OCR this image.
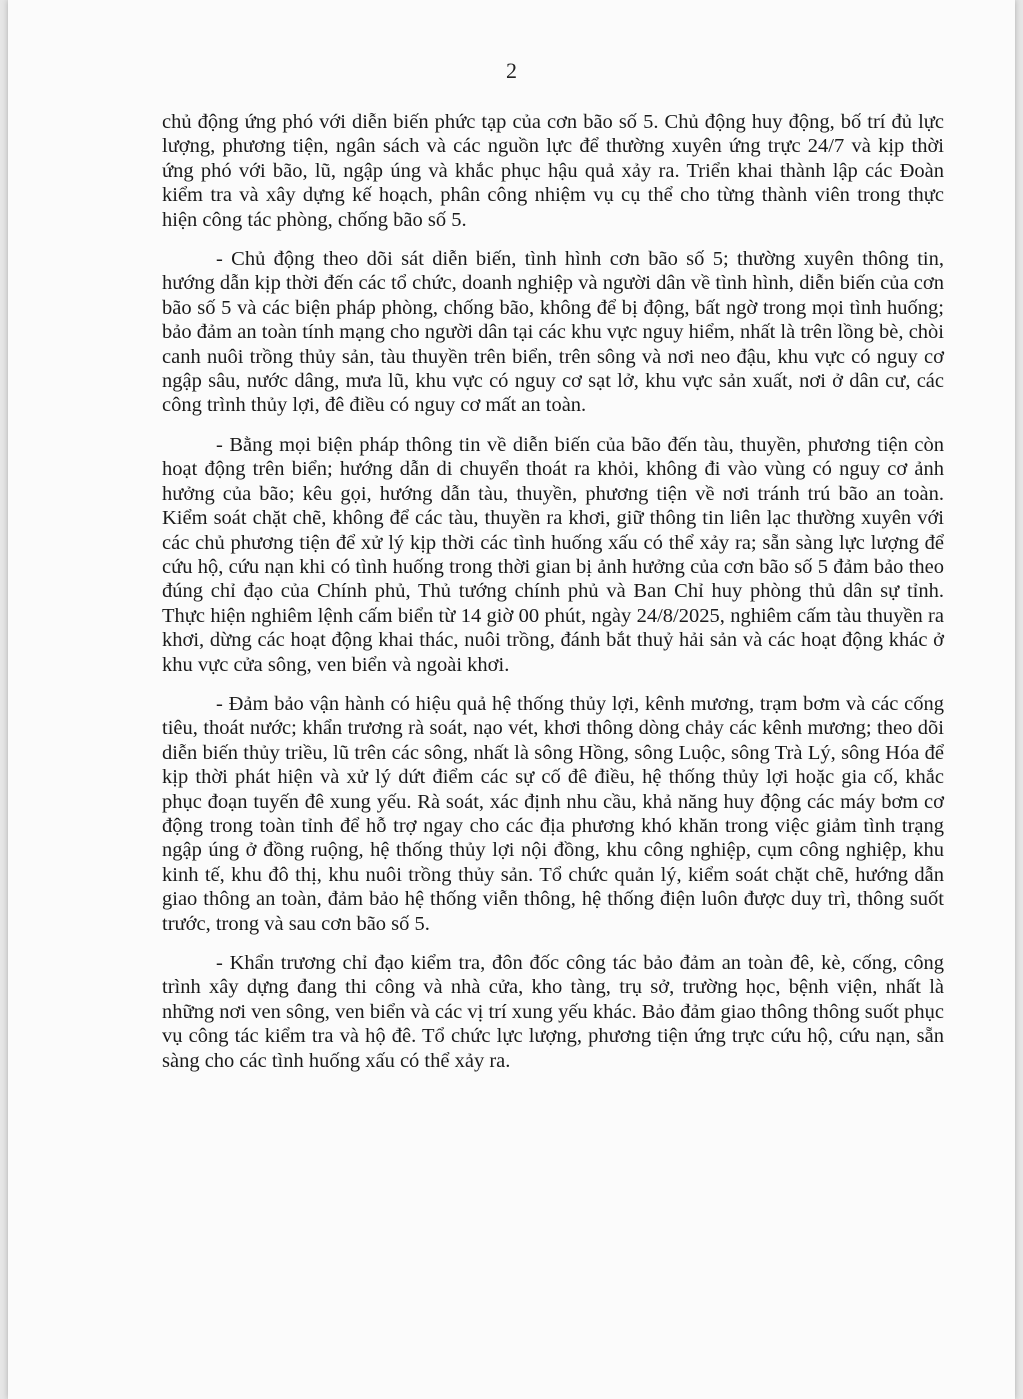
2

chủ động ứng phó với diễn biến phức tạp của cơn bão số 5. Chủ động huy động, bố trí đủ lực lượng, phương tiện, ngân sách và các nguồn lực để thường xuyên ứng trực 24/7 và kịp thời ứng phó với bão, lũ, ngập úng và khắc phục hậu quả xảy ra. Triển khai thành lập các Đoàn kiểm tra và xây dựng kế hoạch, phân công nhiệm vụ cụ thể cho từng thành viên trong thực hiện công tác phòng, chống bão số 5.

- Chủ động theo dõi sát diễn biến, tình hình cơn bão số 5; thường xuyên thông tin, hướng dẫn kịp thời đến các tổ chức, doanh nghiệp và người dân về tình hình, diễn biến của cơn bão số 5 và các biện pháp phòng, chống bão, không để bị động, bất ngờ trong mọi tình huống; bảo đảm an toàn tính mạng cho người dân tại các khu vực nguy hiểm, nhất là trên lồng bè, chòi canh nuôi trồng thủy sản, tàu thuyền trên biển, trên sông và nơi neo đậu, khu vực có nguy cơ ngập sâu, nước dâng, mưa lũ, khu vực có nguy cơ sạt lở, khu vực sản xuất, nơi ở dân cư, các công trình thủy lợi, đê điều có nguy cơ mất an toàn.

- Bằng mọi biện pháp thông tin về diễn biến của bão đến tàu, thuyền, phương tiện còn hoạt động trên biển; hướng dẫn di chuyển thoát ra khỏi, không đi vào vùng có nguy cơ ảnh hưởng của bão; kêu gọi, hướng dẫn tàu, thuyền, phương tiện về nơi tránh trú bão an toàn. Kiểm soát chặt chẽ, không để các tàu, thuyền ra khơi, giữ thông tin liên lạc thường xuyên với các chủ phương tiện để xử lý kịp thời các tình huống xấu có thể xảy ra; sẵn sàng lực lượng để cứu hộ, cứu nạn khi có tình huống trong thời gian bị ảnh hưởng của cơn bão số 5 đảm bảo theo đúng chỉ đạo của Chính phủ, Thủ tướng chính phủ và Ban Chỉ huy phòng thủ dân sự tỉnh. Thực hiện nghiêm lệnh cấm biển từ 14 giờ 00 phút, ngày 24/8/2025, nghiêm cấm tàu thuyền ra khơi, dừng các hoạt động khai thác, nuôi trồng, đánh bắt thuỷ hải sản và các hoạt động khác ở khu vực cửa sông, ven biển và ngoài khơi.

- Đảm bảo vận hành có hiệu quả hệ thống thủy lợi, kênh mương, trạm bơm và các cống tiêu, thoát nước; khẩn trương rà soát, nạo vét, khơi thông dòng chảy các kênh mương; theo dõi diễn biến thủy triều, lũ trên các sông, nhất là sông Hồng, sông Luộc, sông Trà Lý, sông Hóa để kịp thời phát hiện và xử lý dứt điểm các sự cố đê điều, hệ thống thủy lợi hoặc gia cố, khắc phục đoạn tuyến đê xung yếu. Rà soát, xác định nhu cầu, khả năng huy động các máy bơm cơ động trong toàn tỉnh để hỗ trợ ngay cho các địa phương khó khăn trong việc giảm tình trạng ngập úng ở đồng ruộng, hệ thống thủy lợi nội đồng, khu công nghiệp, cụm công nghiệp, khu kinh tế, khu đô thị, khu nuôi trồng thủy sản. Tổ chức quản lý, kiểm soát chặt chẽ, hướng dẫn giao thông an toàn, đảm bảo hệ thống viễn thông, hệ thống điện luôn được duy trì, thông suốt trước, trong và sau cơn bão số 5.

- Khẩn trương chỉ đạo kiểm tra, đôn đốc công tác bảo đảm an toàn đê, kè, cống, công trình xây dựng đang thi công và nhà cửa, kho tàng, trụ sở, trường học, bệnh viện, nhất là những nơi ven sông, ven biển và các vị trí xung yếu khác. Bảo đảm giao thông thông suốt phục vụ công tác kiểm tra và hộ đê. Tổ chức lực lượng, phương tiện ứng trực cứu hộ, cứu nạn, sẵn sàng cho các tình huống xấu có thể xảy ra.
